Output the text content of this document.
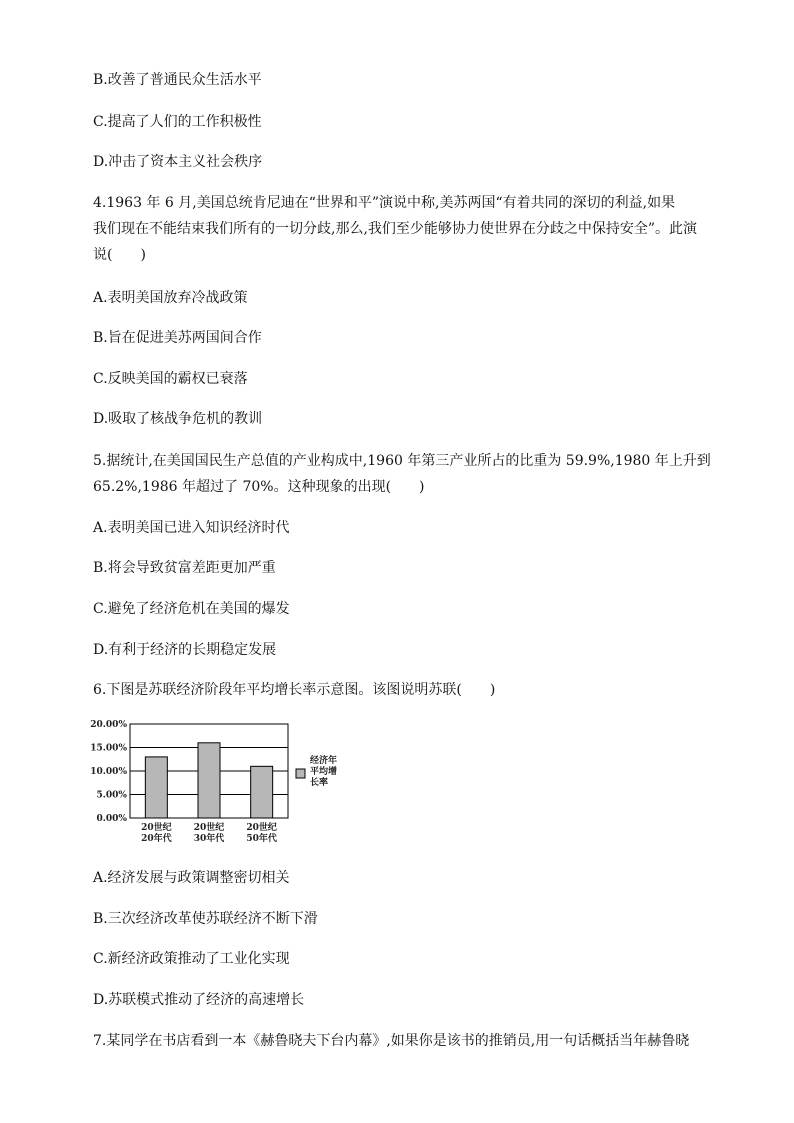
B.改善了普通民众生活水平
C.提高了人们的工作积极性
D.冲击了资本主义社会秩序
4.1963 年 6 月,美国总统肯尼迪在“世界和平”演说中称,美苏两国“有着共同的深切的利益,如果
我们现在不能结束我们所有的一切分歧,那么,我们至少能够协力使世界在分歧之中保持安全”。此演
说(　　)
A.表明美国放弃冷战政策
B.旨在促进美苏两国间合作
C.反映美国的霸权已衰落
D.吸取了核战争危机的教训
5.据统计,在美国国民生产总值的产业构成中,1960 年第三产业所占的比重为 59.9%,1980 年上升到
65.2%,1986 年超过了 70%。这种现象的出现(　　)
A.表明美国已进入知识经济时代
B.将会导致贫富差距更加严重
C.避免了经济危机在美国的爆发
D.有利于经济的长期稳定发展
6.下图是苏联经济阶段年平均增长率示意图。该图说明苏联(　　)
0.00%
5.00%
10.00%
15.00%
20.00%
20世纪
20年代
20世纪
30年代
20世纪
50年代
经济年
平均增
长率
A.经济发展与政策调整密切相关
B.三次经济改革使苏联经济不断下滑
C.新经济政策推动了工业化实现
D.苏联模式推动了经济的高速增长
7.某同学在书店看到一本《赫鲁晓夫下台内幕》,如果你是该书的推销员,用一句话概括当年赫鲁晓
